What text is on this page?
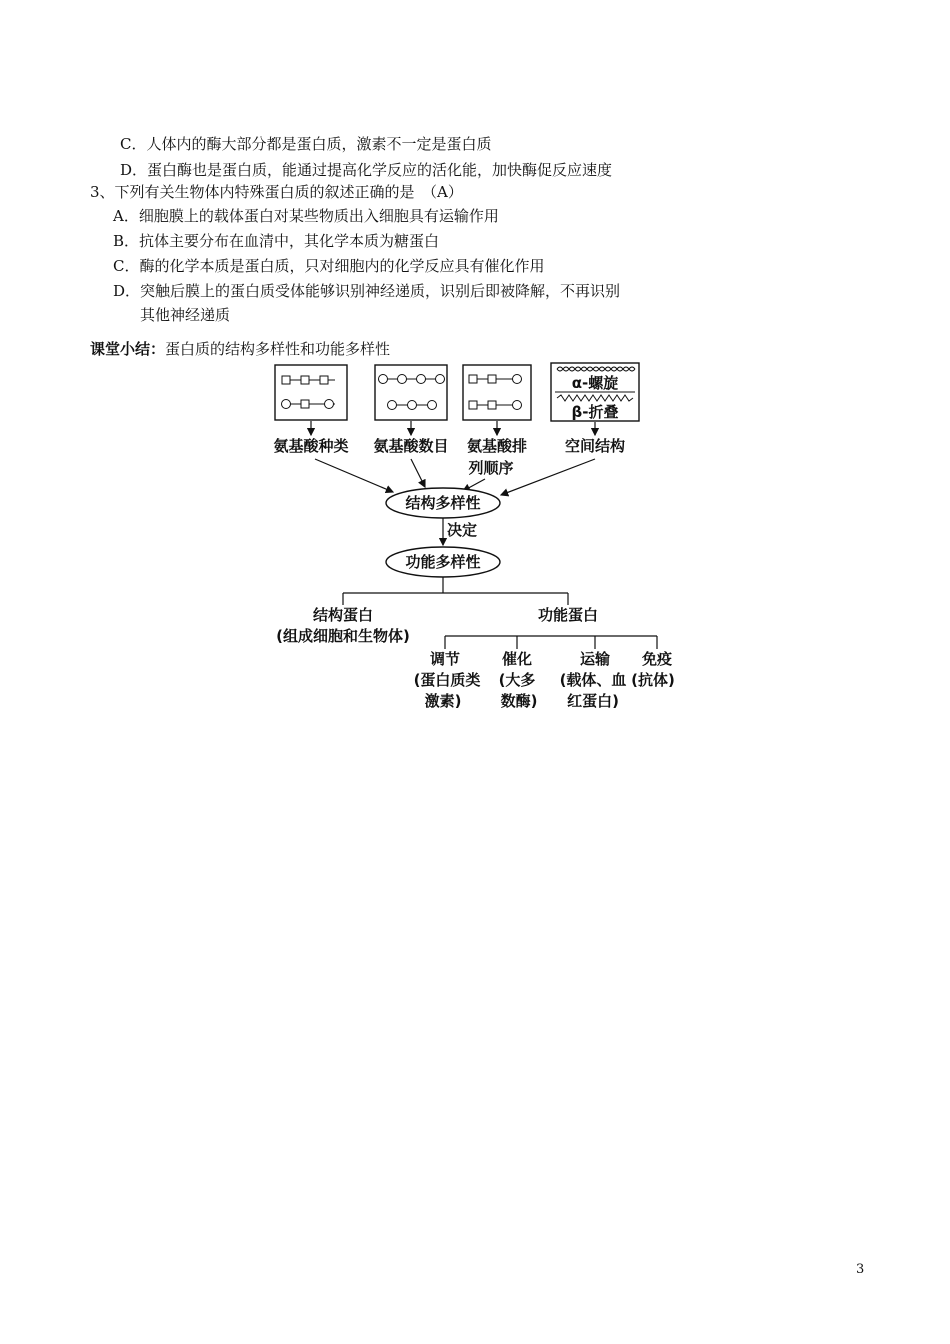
C．人体内的酶大部分都是蛋白质，激素不一定是蛋白质
D．蛋白酶也是蛋白质，能通过提高化学反应的活化能，加快酶促反应速度
3、下列有关生物体内特殊蛋白质的叙述正确的是　（A）
A．细胞膜上的载体蛋白对某些物质出入细胞具有运输作用
B．抗体主要分布在血清中，其化学本质为糖蛋白
C．酶的化学本质是蛋白质，只对细胞内的化学反应具有催化作用
D．突触后膜上的蛋白质受体能够识别神经递质，识别后即被降解，不再识别
其他神经递质
课堂小结：蛋白质的结构多样性和功能多样性
α-螺旋
β-折叠
氨基酸种类 氨基酸数目 氨基酸排
列顺序
空间结构
结构多样性
决定
功能多样性
结构蛋白
(组成细胞和生物体)
功能蛋白
调节
(蛋白质类
激素)
催化
(大多
数酶)
运输
(载体、血
红蛋白)
免疫
(抗体)
3
